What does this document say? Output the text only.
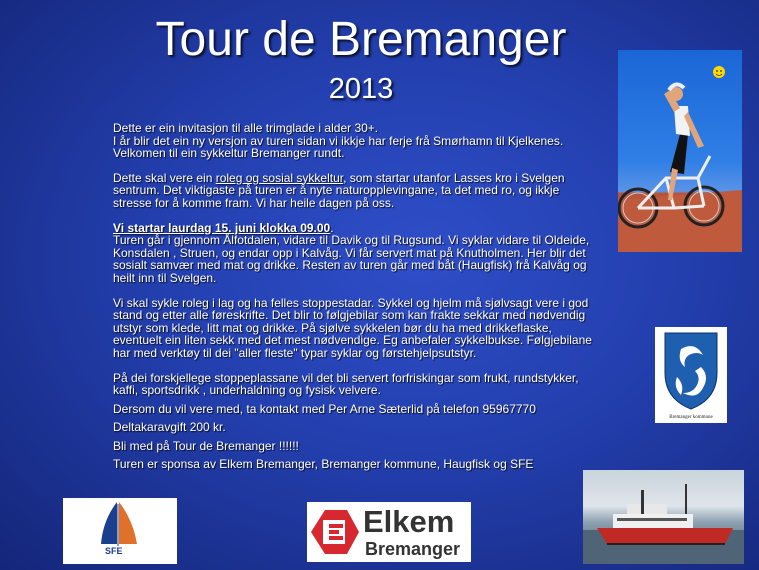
Tour de Bremanger
2013

Dette er ein invitasjon til alle trimglade i alder 30+.

I år blir det ein ny versjon av turen sidan vi ikkje har ferje frå Smørhamn til Kjelkenes.

Velkomen til ein sykkeltur Bremanger rundt.

Dette skal vere ein roleg og sosial sykkeltur, som startar utanfor Lasses kro i Svelgen

sentrum. Det viktigaste på turen er å nyte naturopplevingane, ta det med ro, og ikkje

stresse for å komme fram. Vi har heile dagen på oss.

Vi startar laurdag 15. juni klokka 09.00.

Turen går i gjennom Ålfotdalen, vidare til Davik og til Rugsund. Vi syklar vidare til Oldeide,

Konsdalen , Struen, og endar opp i Kalvåg. Vi får servert mat på Knutholmen. Her blir det

sosialt samvær med mat og drikke. Resten av turen går med båt (Haugfisk) frå Kalvåg og

heilt inn til Svelgen.

Vi skal sykle roleg i lag og ha felles stoppestadar. Sykkel og hjelm må sjølvsagt vere i god

stand og etter alle føreskrifte. Det blir to følgjebilar som kan frakte sekkar med nødvendig

utstyr som klede, litt mat og drikke. På sjølve sykkelen bør du ha med drikkeflaske,

eventuelt ein liten sekk med det mest nødvendige. Eg anbefaler sykkelbukse. Følgjebilane

har med verktøy til dei "aller fleste" typar syklar og førstehjelpsutstyr.

På dei forskjellege stoppeplassane vil det bli servert forfriskingar som frukt, rundstykker,

kaffi, sportsdrikk , underhaldning og fysisk velvere.

Dersom du vil vere med, ta kontakt med Per Arne Sæterlid på telefon 95967770

Deltakaravgift 200 kr.

Bli med på Tour de Bremanger !!!!!!

Turen er sponsa av Elkem Bremanger, Bremanger kommune, Haugfisk og SFE

Bremanger kommune
SFE
Elkem
Bremanger
